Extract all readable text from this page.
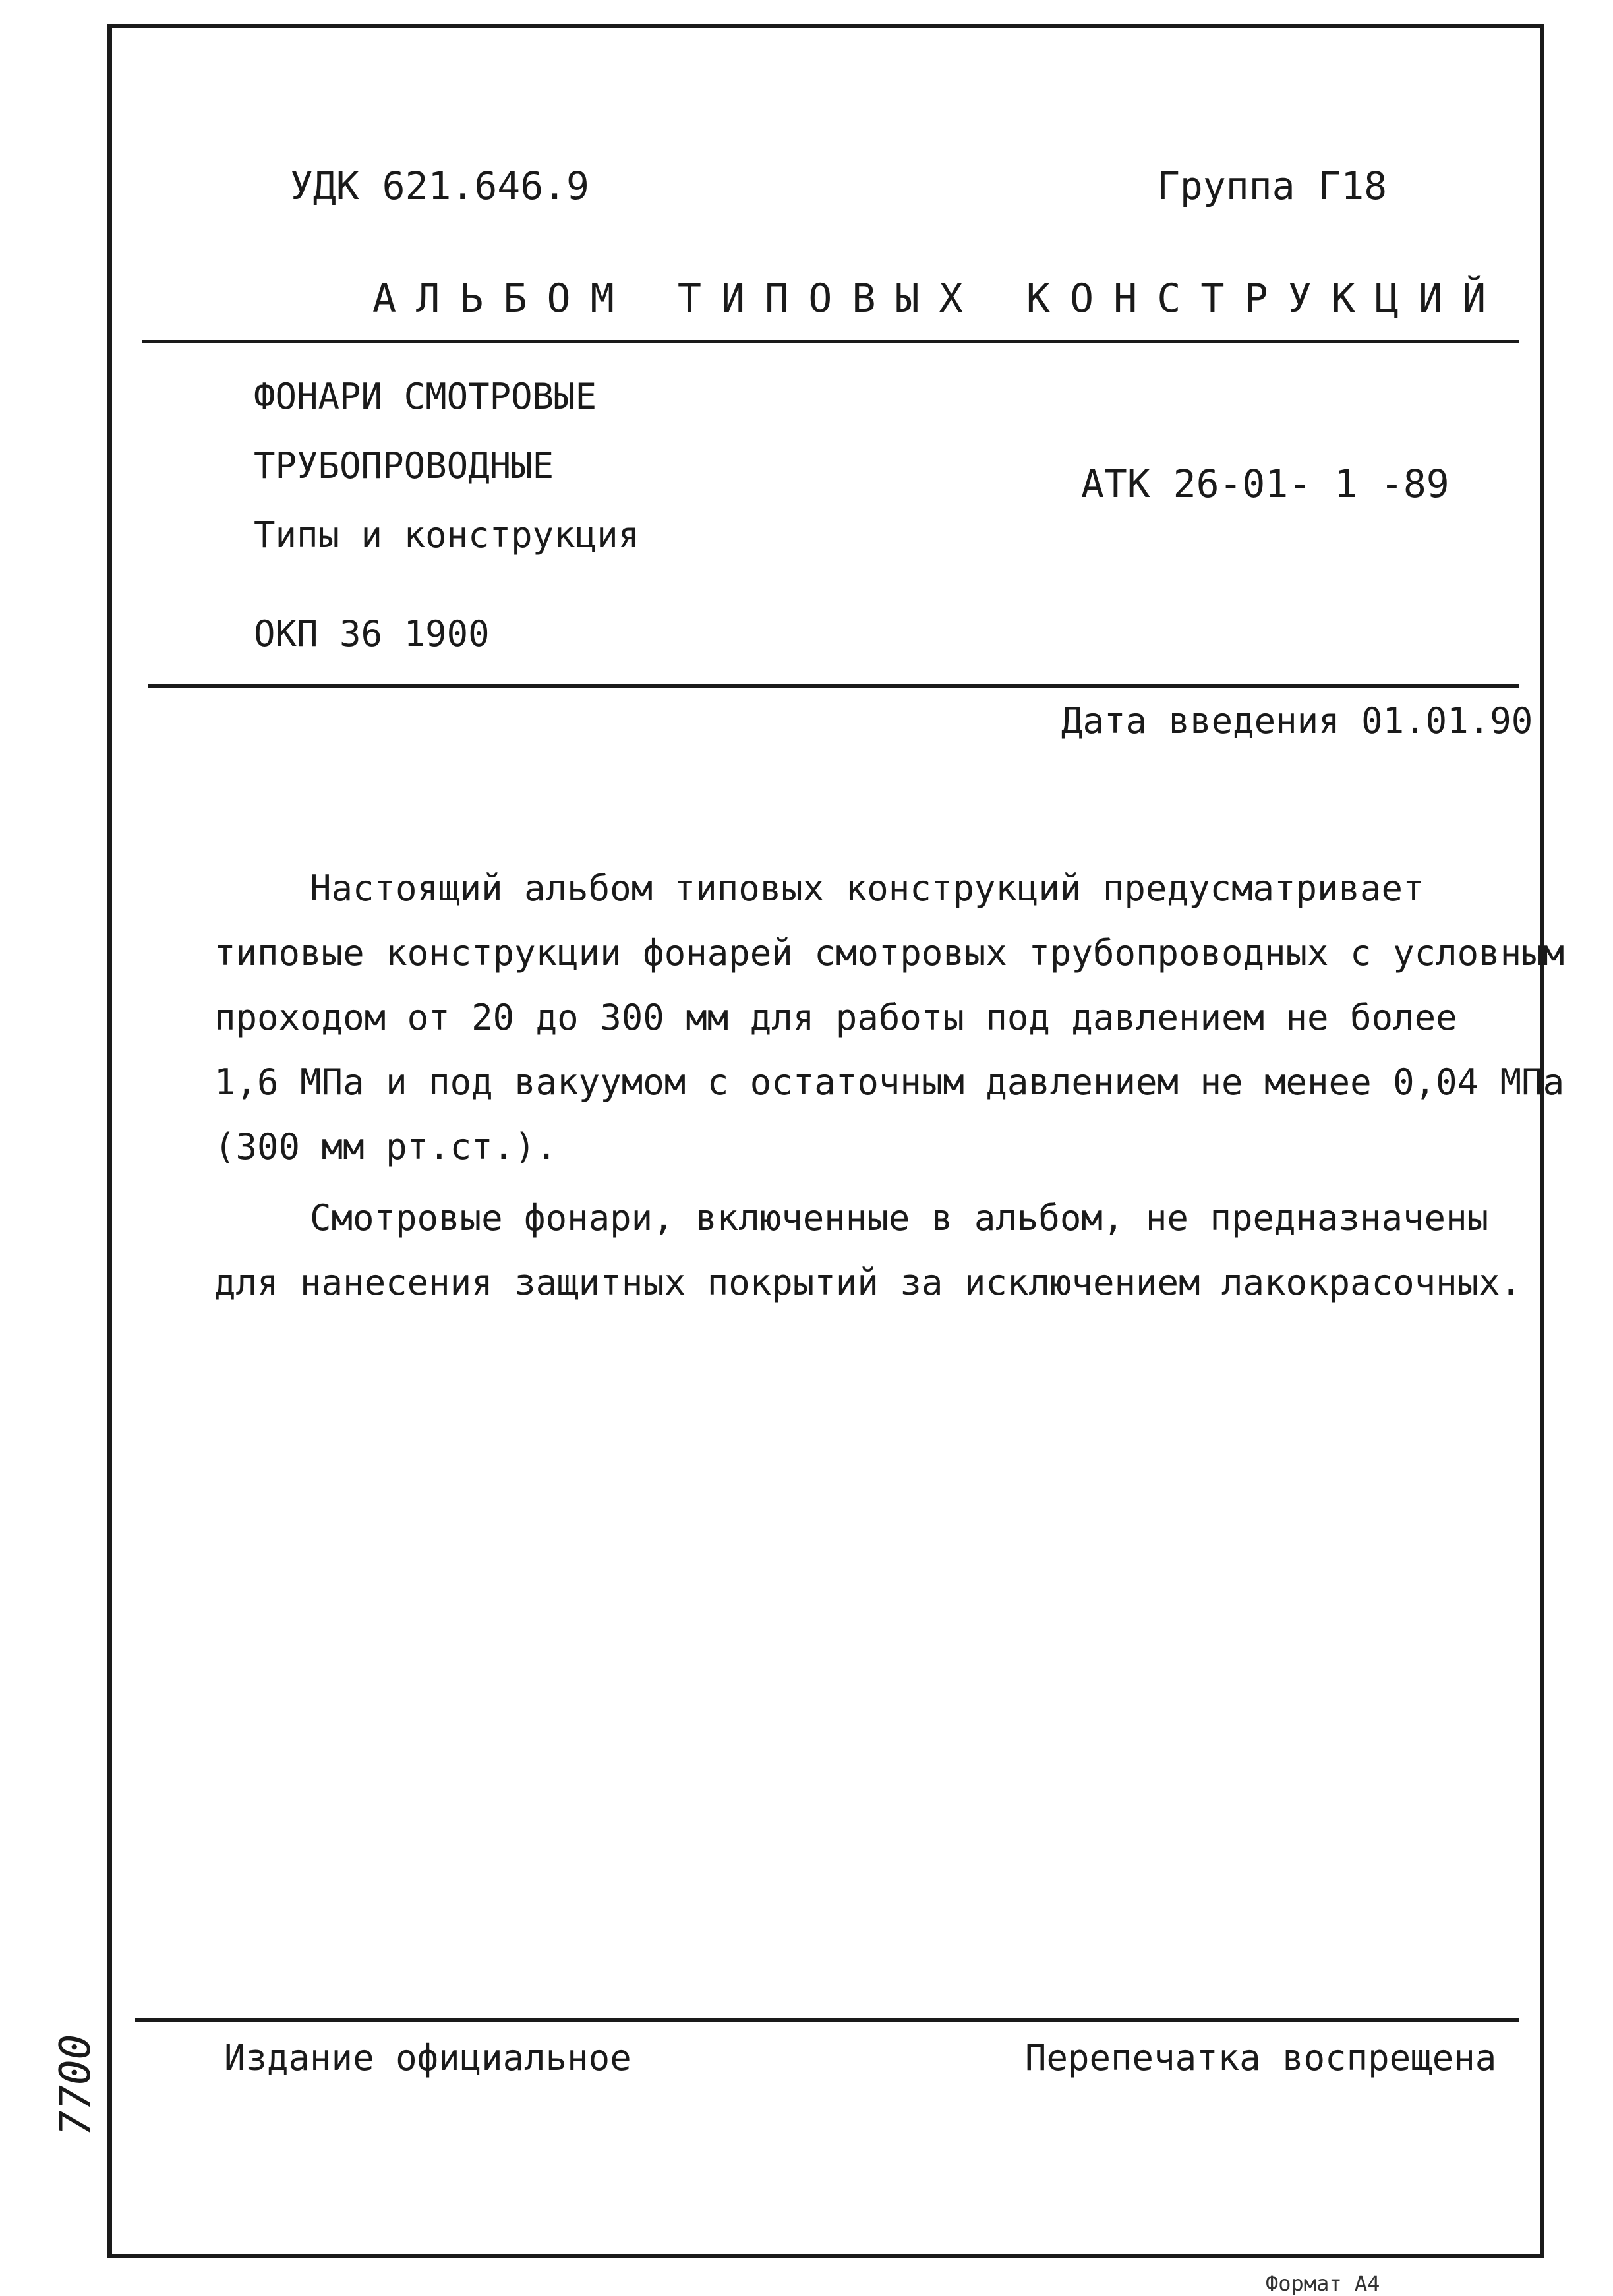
УДК 621.646.9	Группа Г18
АЛЬБОМ ТИПОВЫХ КОНСТРУКЦИЙ
ФОНАРИ СМОТРОВЫЕ
ТРУБОПРОВОДНЫЕ
Типы и конструкция
ОКП 36 1900
АТК 26-01- 1 -89
Дата введения 01.01.90
Настоящий альбом типовых конструкций предусматривает
типовые конструкции фонарей смотровых трубопроводных с условным
проходом от 20 до 300 мм для работы под давлением не более
1,6 МПа и под вакуумом с остаточным давлением не менее 0,04 МПа
(300 мм рт.ст.).
Смотровые фонари, включенные в альбом, не предназначены
для нанесения защитных покрытий за исключением лакокрасочных.
Издание официальное	Перепечатка воспрещена
7700
Формат А4
